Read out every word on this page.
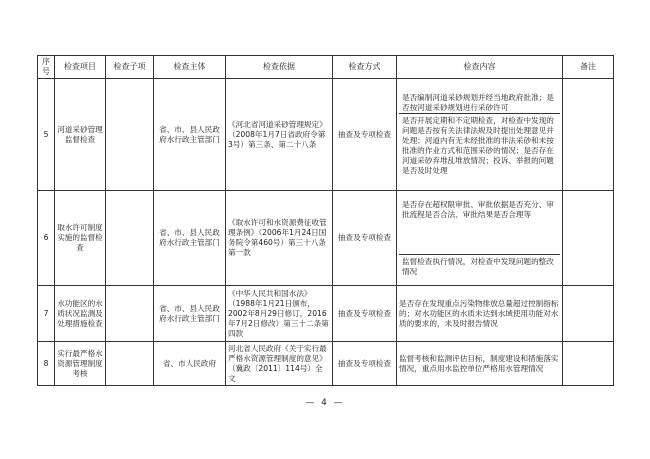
序号	检查项目	检查子项	检查主体	检查依据	检查方式	检查内容	备注
5	河道采砂管理监督检查		省、市、县人民政府水行政主管部门	《河北省河道采砂管理规定》（2008年1月7日省政府令第3号）第三条、第二十八条	抽查及专项检查	是否编制河道采砂规划并经当地政府批准；是否按河道采砂规划进行采砂许可
是否开展定期和不定期检查，对检查中发现的问题是否按有关法律法规及时提出处理意见并处理；河道内有无未经批准的非法采砂和未按批准的作业方式和范围采砂的情况；是否存在河道采砂弃堆乱堆放情况；投诉、举报的问题是否及时处理	

6	取水许可制度实施的监督检查		省、市、县人民政府水行政主管部门	《取水许可和水资源费征收管理条例》（2006年1月24日国务院令第460号）第三十八条第一款	抽查及专项检查	是否存在超权限审批、审批依据是否充分、审批流程是否合法、审批结果是否合理等
监督检查执行情况，对检查中发现问题的整改情况	

7	水功能区的水质状况监测及处理措施检查		省、市、县人民政府水行政主管部门	《中华人民共和国水法》（1988年1月21日颁布，2002年8月29日修订，2016年7月2日修改）第三十二条第四款	抽查及专项检查	是否存在发现重点污染物排放总量超过控制指标的；对水功能区的水质未达到水域使用功能对水质的要求的，未及时报告情况	
8	实行最严格水资源管理制度考核		省、市人民政府	河北省人民政府《关于实行最严格水资源管理制度的意见》（冀政〔2011〕114号）全文	抽查及专项检查	监督考核和监测评估目标，制度建设和措施落实情况，重点用水监控单位严格用水管理情况	
— 4 —
